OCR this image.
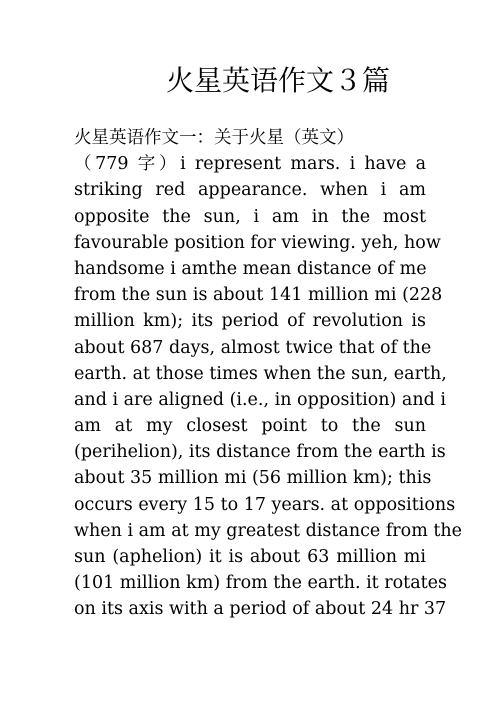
火星英语作文３篇
火星英语作文一：关于火星（英文）
（779 字）i represent mars. i have a
striking red appearance. when i am
opposite the sun, i am in the most
favourable position for viewing. yeh, how
handsome i amthe mean distance of me
from the sun is about 141 million mi (228
million km); its period of revolution is
about 687 days, almost twice that of the
earth. at those times when the sun, earth,
and i are aligned (i.e., in opposition) and i
am at my closest point to the sun
(perihelion), its distance from the earth is
about 35 million mi (56 million km); this
occurs every 15 to 17 years. at oppositions
when i am at my greatest distance from the
sun (aphelion) it is about 63 million mi
(101 million km) from the earth. it rotates
on its axis with a period of about 24 hr 37
